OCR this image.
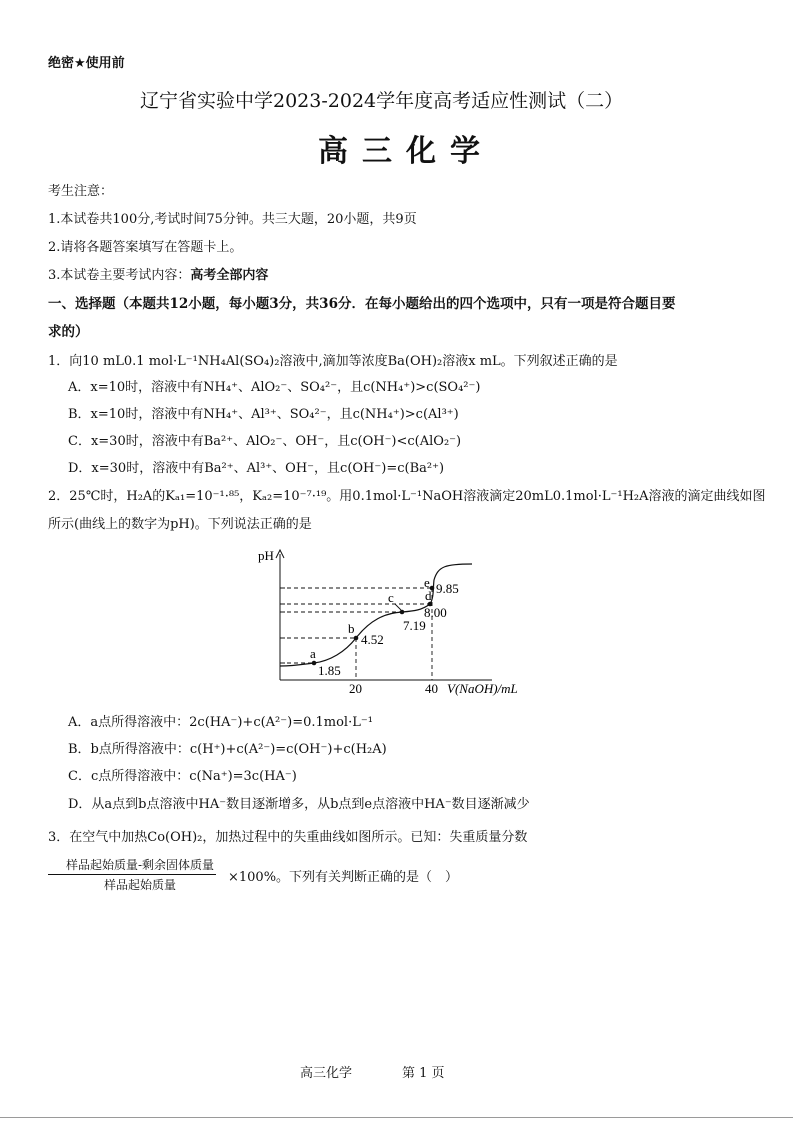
绝密★使用前
辽宁省实验中学2023-2024学年度高考适应性测试（二）
高三化学
考生注意：
1.本试卷共100分,考试时间75分钟。共三大题，20小题，共9页
2.请将各题答案填写在答题卡上。
3.本试卷主要考试内容：高考全部内容
一、选择题（本题共12小题，每小题3分，共36分．在每小题给出的四个选项中，只有一项是符合题目要
求的）
1．向10 mL0.1 mol·L⁻¹NH₄Al(SO₄)₂溶液中,滴加等浓度Ba(OH)₂溶液x mL。下列叙述正确的是
A．x=10时，溶液中有NH₄⁺、AlO₂⁻、SO₄²⁻，且c(NH₄⁺)>c(SO₄²⁻)
B．x=10时，溶液中有NH₄⁺、Al³⁺、SO₄²⁻，且c(NH₄⁺)>c(Al³⁺)
C．x=30时，溶液中有Ba²⁺、AlO₂⁻、OH⁻，且c(OH⁻)<c(AlO₂⁻)
D．x=30时，溶液中有Ba²⁺、Al³⁺、OH⁻，且c(OH⁻)=c(Ba²⁺)
2．25℃时，H₂A的Kₐ₁=10⁻¹·⁸⁵，Kₐ₂=10⁻⁷·¹⁹。用0.1mol·L⁻¹NaOH溶液滴定20mL0.1mol·L⁻¹H₂A溶液的滴定曲线如图
所示(曲线上的数字为pH)。下列说法正确的是
pH
V(NaOH)/mL
a
b
c d
e
1.85
4.52
7.19
8.00
9.85
20	40
A．a点所得溶液中：2c(HA⁻)+c(A²⁻)=0.1mol·L⁻¹
B．b点所得溶液中：c(H⁺)+c(A²⁻)=c(OH⁻)+c(H₂A)
C．c点所得溶液中：c(Na⁺)=3c(HA⁻)
D．从a点到b点溶液中HA⁻数目逐渐增多，从b点到e点溶液中HA⁻数目逐渐减少
3．在空气中加热Co(OH)₂，加热过程中的失重曲线如图所示。已知：失重质量分数
样品起始质量-剩余固体质量
样品起始质量	×100%。下列有关判断正确的是（　）
高三化学	第 1 页
